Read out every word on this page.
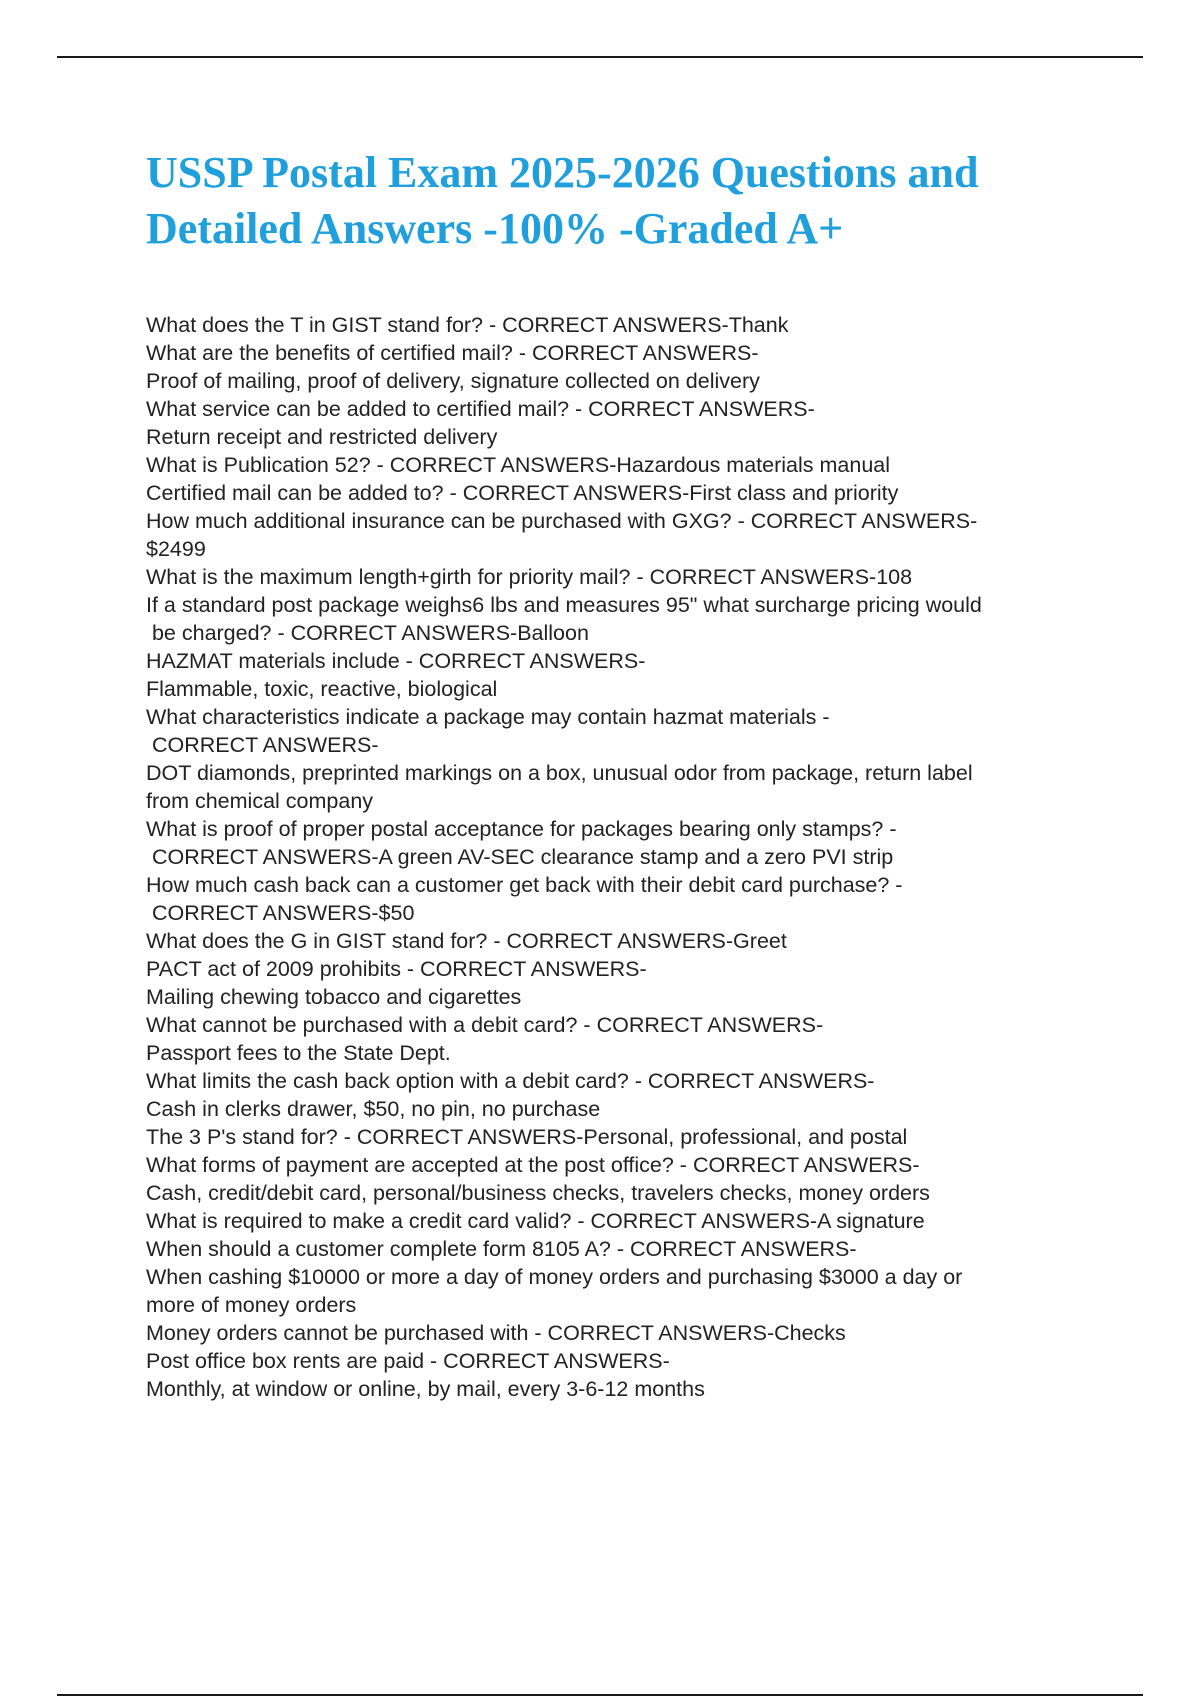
USSP Postal Exam 2025-2026 Questions and
Detailed Answers -100% -Graded A+
What does the T in GIST stand for? - CORRECT ANSWERS-Thank
What are the benefits of certified mail? - CORRECT ANSWERS-
Proof of mailing, proof of delivery, signature collected on delivery
What service can be added to certified mail? - CORRECT ANSWERS-
Return receipt and restricted delivery
What is Publication 52? - CORRECT ANSWERS-Hazardous materials manual
Certified mail can be added to? - CORRECT ANSWERS-First class and priority
How much additional insurance can be purchased with GXG? - CORRECT ANSWERS-
$2499
What is the maximum length+girth for priority mail? - CORRECT ANSWERS-108
If a standard post package weighs6 lbs and measures 95" what surcharge pricing would
be charged? - CORRECT ANSWERS-Balloon
HAZMAT materials include - CORRECT ANSWERS-
Flammable, toxic, reactive, biological
What characteristics indicate a package may contain hazmat materials -
CORRECT ANSWERS-
DOT diamonds, preprinted markings on a box, unusual odor from package, return label
from chemical company
What is proof of proper postal acceptance for packages bearing only stamps? -
CORRECT ANSWERS-A green AV-SEC clearance stamp and a zero PVI strip
How much cash back can a customer get back with their debit card purchase? -
CORRECT ANSWERS-$50
What does the G in GIST stand for? - CORRECT ANSWERS-Greet
PACT act of 2009 prohibits - CORRECT ANSWERS-
Mailing chewing tobacco and cigarettes
What cannot be purchased with a debit card? - CORRECT ANSWERS-
Passport fees to the State Dept.
What limits the cash back option with a debit card? - CORRECT ANSWERS-
Cash in clerks drawer, $50, no pin, no purchase
The 3 P's stand for? - CORRECT ANSWERS-Personal, professional, and postal
What forms of payment are accepted at the post office? - CORRECT ANSWERS-
Cash, credit/debit card, personal/business checks, travelers checks, money orders
What is required to make a credit card valid? - CORRECT ANSWERS-A signature
When should a customer complete form 8105 A? - CORRECT ANSWERS-
When cashing $10000 or more a day of money orders and purchasing $3000 a day or
more of money orders
Money orders cannot be purchased with - CORRECT ANSWERS-Checks
Post office box rents are paid - CORRECT ANSWERS-
Monthly, at window or online, by mail, every 3-6-12 months
